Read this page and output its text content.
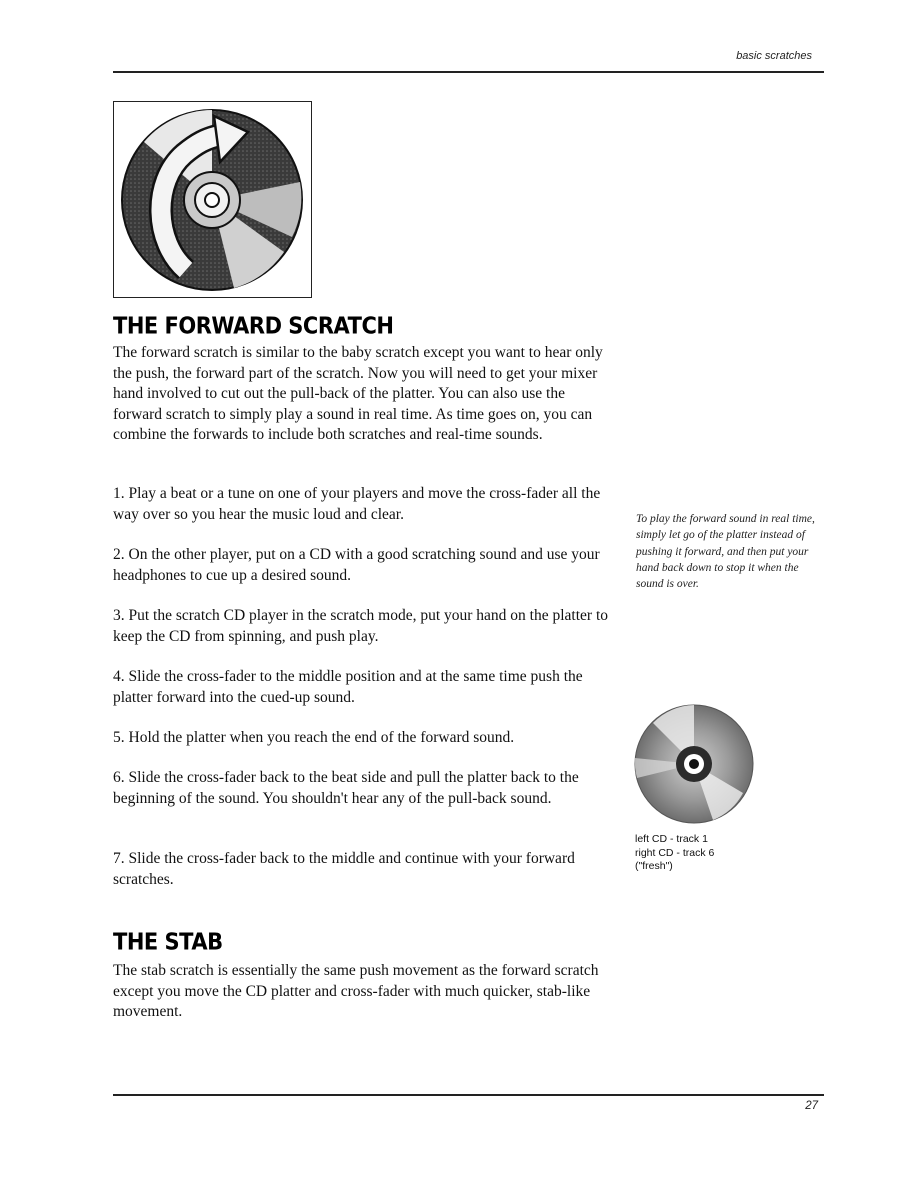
basic scratches
THE FORWARD SCRATCH

The forward scratch is similar to the baby scratch except you want to hear only the push, the forward part of the scratch. Now you will need to get your mixer hand involved to cut out the pull-back of the platter. You can also use the forward scratch to simply play a sound in real time. As time goes on, you can combine the forwards to include both scratches and real-time sounds.

1. Play a beat or a tune on one of your players and move the cross-fader all the way over so you hear the music loud and clear.

2. On the other player, put on a CD with a good scratching sound and use your headphones to cue up a desired sound.

3. Put the scratch CD player in the scratch mode, put your hand on the platter to keep the CD from spinning, and push play.

4. Slide the cross-fader to the middle position and at the same time push the platter forward into the cued-up sound.

5. Hold the platter when you reach the end of the forward sound.

6. Slide the cross-fader back to the beat side and pull the platter back to the beginning of the sound. You shouldn't hear any of the pull-back sound.

7. Slide the cross-fader back to the middle and continue with your forward scratches.

THE STAB

The stab scratch is essentially the same push movement as the forward scratch except you move the CD platter and cross-fader with much quicker, stab-like movement.

To play the forward sound in real time, simply let go of the platter instead of pushing it forward, and then put your hand back down to stop it when the sound is over.

left CD - track 1
right CD - track 6
("fresh")

27
